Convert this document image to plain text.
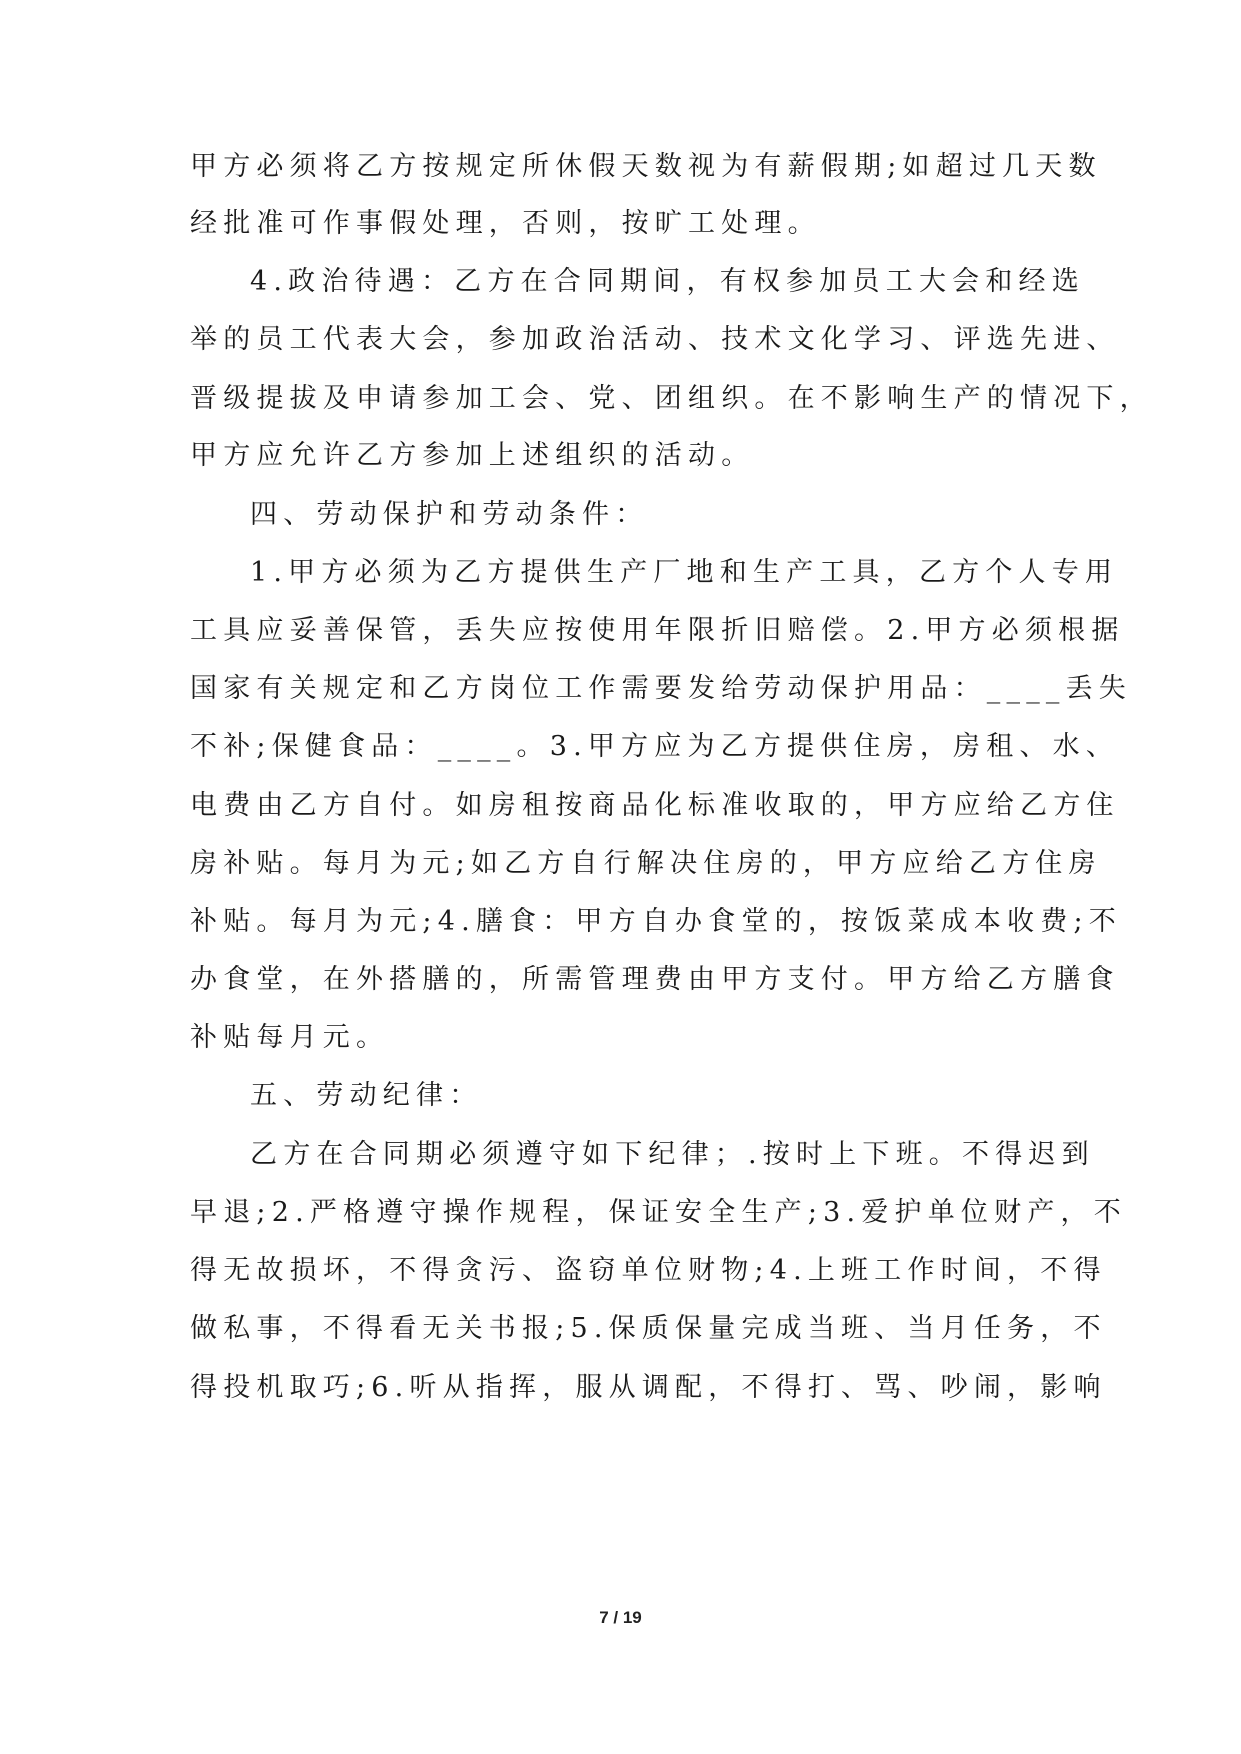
甲方必须将乙方按规定所休假天数视为有薪假期;如超过几天数
经批准可作事假处理，否则，按旷工处理。
4.政治待遇：乙方在合同期间，有权参加员工大会和经选
举的员工代表大会，参加政治活动、技术文化学习、评选先进、
晋级提拔及申请参加工会、党、团组织。在不影响生产的情况下，
甲方应允许乙方参加上述组织的活动。
四、劳动保护和劳动条件：
1.甲方必须为乙方提供生产厂地和生产工具，乙方个人专用
工具应妥善保管，丢失应按使用年限折旧赔偿。2.甲方必须根据
国家有关规定和乙方岗位工作需要发给劳动保护用品：____丢失
不补;保健食品：____。3.甲方应为乙方提供住房，房租、水、
电费由乙方自付。如房租按商品化标准收取的，甲方应给乙方住
房补贴。每月为元;如乙方自行解决住房的，甲方应给乙方住房
补贴。每月为元;4.膳食：甲方自办食堂的，按饭菜成本收费;不
办食堂，在外搭膳的，所需管理费由甲方支付。甲方给乙方膳食
补贴每月元。
五、劳动纪律：
乙方在合同期必须遵守如下纪律；.按时上下班。不得迟到
早退;2.严格遵守操作规程，保证安全生产;3.爱护单位财产，不
得无故损坏，不得贪污、盗窃单位财物;4.上班工作时间，不得
做私事，不得看无关书报;5.保质保量完成当班、当月任务，不
得投机取巧;6.听从指挥，服从调配，不得打、骂、吵闹，影响
7 / 19
